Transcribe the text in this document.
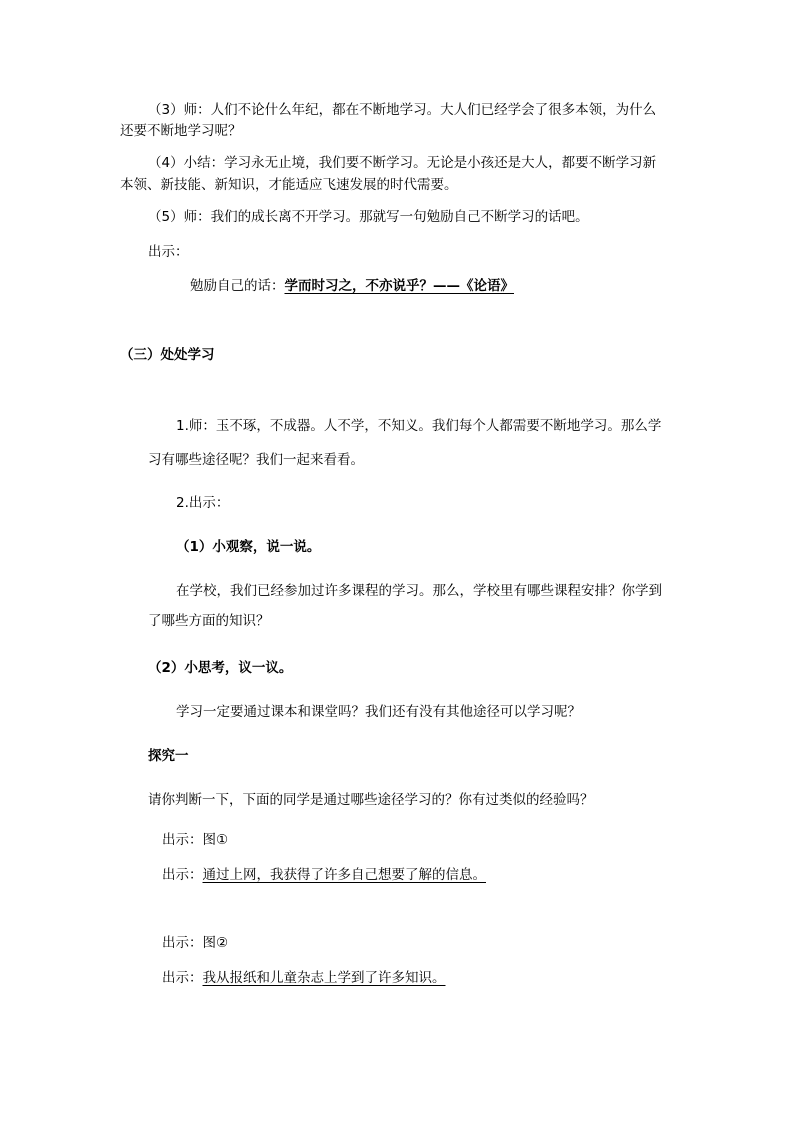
（3）师：人们不论什么年纪，都在不断地学习。大人们已经学会了很多本领，为什么
还要不断地学习呢？
（4）小结：学习永无止境，我们要不断学习。无论是小孩还是大人，都要不断学习新
本领、新技能、新知识，才能适应飞速发展的时代需要。
（5）师：我们的成长离不开学习。那就写一句勉励自己不断学习的话吧。
出示：
勉励自己的话：学而时习之，不亦说乎？——《论语》
（三）处处学习
1.师：玉不琢，不成器。人不学，不知义。我们每个人都需要不断地学习。那么学
习有哪些途径呢？我们一起来看看。
2.出示：
（1）小观察，说一说。
在学校，我们已经参加过许多课程的学习。那么，学校里有哪些课程安排？你学到
了哪些方面的知识？
（2）小思考，议一议。
学习一定要通过课本和课堂吗？我们还有没有其他途径可以学习呢？
探究一
请你判断一下，下面的同学是通过哪些途径学习的？你有过类似的经验吗？
出示：图①
出示：通过上网，我获得了许多自己想要了解的信息。
出示：图②
出示：我从报纸和儿童杂志上学到了许多知识。
